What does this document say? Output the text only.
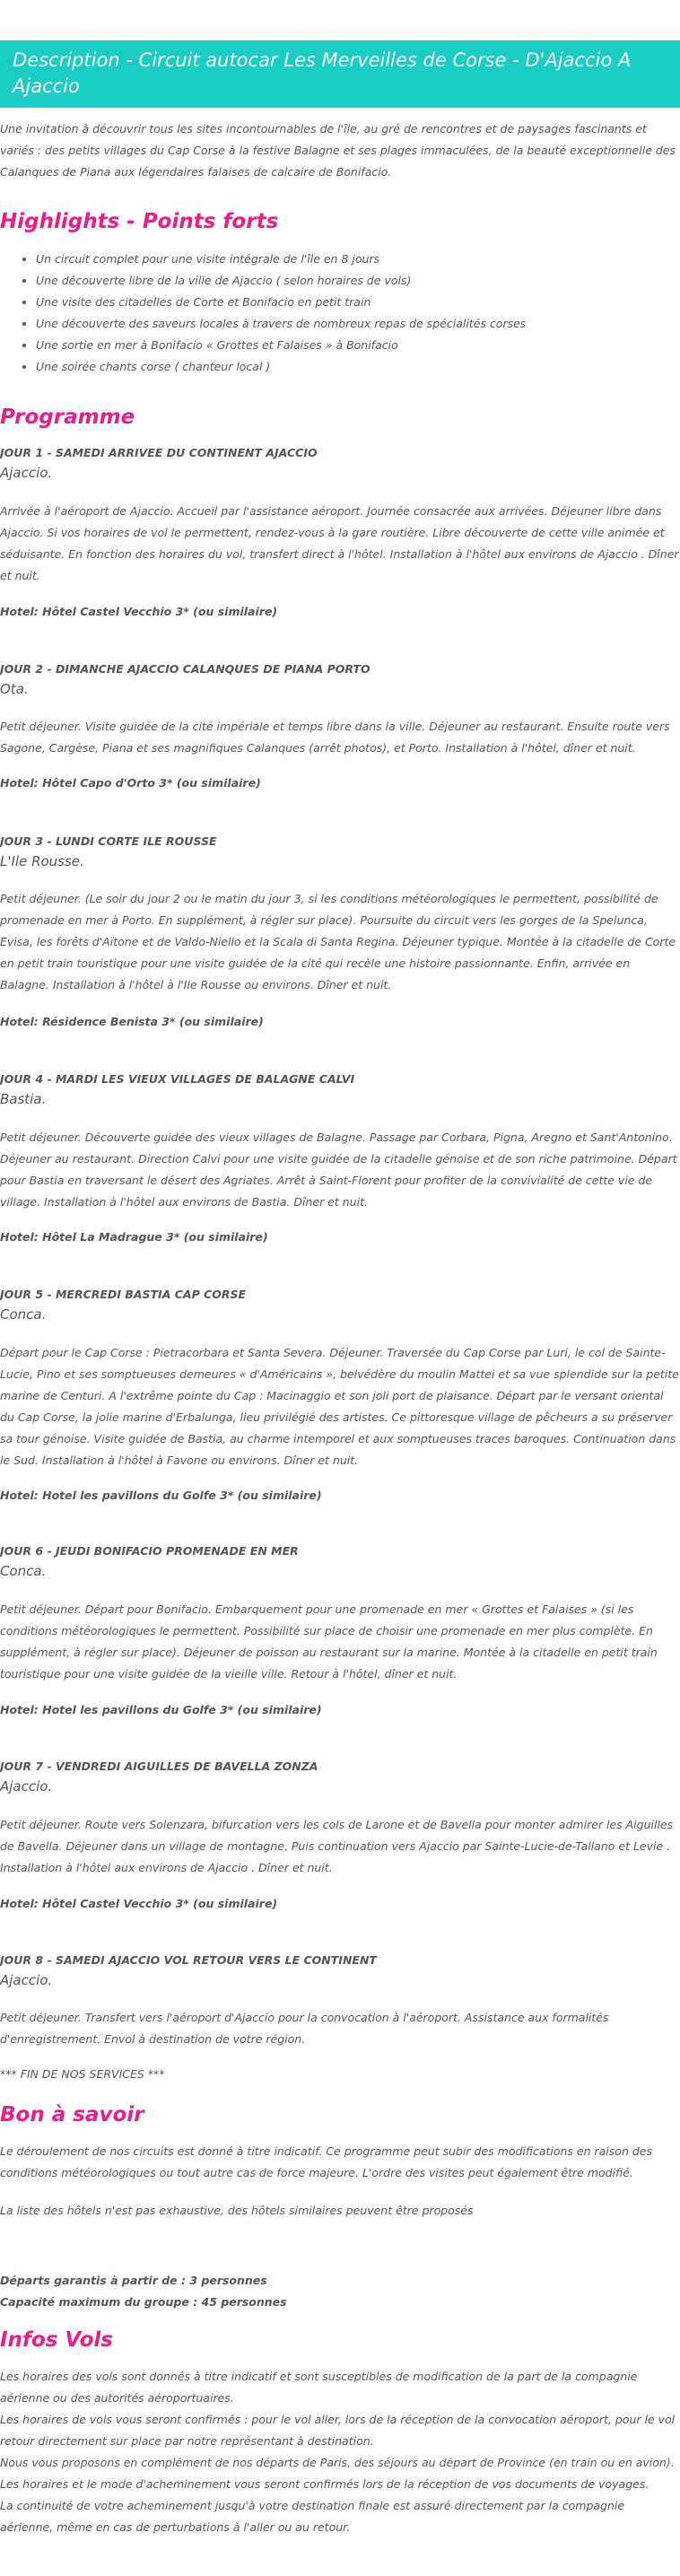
Description - Circuit autocar Les Merveilles de Corse - D'Ajaccio A Ajaccio

Une invitation à découvrir tous les sites incontournables de l'île, au gré de rencontres et de paysages fascinants et variés : des petits villages du Cap Corse à la festive Balagne et ses plages immaculées, de la beauté exceptionnelle des Calanques de Piana aux légendaires falaises de calcaire de Bonifacio.

Highlights - Points forts
• Un circuit complet pour une visite intégrale de l'île en 8 jours
• Une découverte libre de la ville de Ajaccio ( selon horaires de vols)
• Une visite des citadelles de Corte et Bonifacio en petit train
• Une découverte des saveurs locales à travers de nombreux repas de spécialités corses
• Une sortie en mer à Bonifacio « Grottes et Falaises » à Bonifacio
• Une soirée chants corse ( chanteur local )
Programme

JOUR 1 - SAMEDI ARRIVEE DU CONTINENT AJACCIO

Ajaccio.

Arrivée à l'aéroport de Ajaccio. Accueil par l'assistance aéroport. Journée consacrée aux arrivées. Déjeuner libre dans Ajaccio. Si vos horaires de vol le permettent, rendez-vous à la gare routière. Libre découverte de cette ville animée et séduisante. En fonction des horaires du vol, transfert direct à l'hôtel. Installation à l'hôtel aux environs de Ajaccio . Dîner et nuit.

Hotel: Hôtel Castel Vecchio 3* (ou similaire)

JOUR 2 - DIMANCHE AJACCIO CALANQUES DE PIANA PORTO

Ota.

Petit déjeuner. Visite guidée de la cité impériale et temps libre dans la ville. Déjeuner au restaurant. Ensuite route vers Sagone, Cargèse, Piana et ses magnifiques Calanques (arrêt photos), et Porto. Installation à l'hôtel, dîner et nuit.

Hotel: Hôtel Capo d'Orto 3* (ou similaire)

JOUR 3 - LUNDI CORTE ILE ROUSSE

L'Ile Rousse.

Petit déjeuner. (Le soir du jour 2 ou le matin du jour 3, si les conditions météorologiques le permettent, possibilité de promenade en mer à Porto. En supplément, à régler sur place). Poursuite du circuit vers les gorges de la Spelunca, Evisa, les forêts d'Aïtone et de Valdo-Niello et la Scala di Santa Regina. Déjeuner typique. Montée à la citadelle de Corte en petit train touristique pour une visite guidée de la cité qui recèle une histoire passionnante. Enfin, arrivée en Balagne. Installation à l'hôtel à l'Ile Rousse ou environs. Dîner et nuit.

Hotel: Résidence Benista 3* (ou similaire)

JOUR 4 - MARDI LES VIEUX VILLAGES DE BALAGNE CALVI

Bastia.

Petit déjeuner. Découverte guidée des vieux villages de Balagne. Passage par Corbara, Pigna, Aregno et Sant'Antonino. Déjeuner au restaurant. Direction Calvi pour une visite guidée de la citadelle génoise et de son riche patrimoine. Départ pour Bastia en traversant le désert des Agriates. Arrêt à Saint-Florent pour profiter de la convivialité de cette vie de village. Installation à l'hôtel aux environs de Bastia. Dîner et nuit.

Hotel: Hôtel La Madrague 3* (ou similaire)

JOUR 5 - MERCREDI BASTIA CAP CORSE

Conca.

Départ pour le Cap Corse : Pietracorbara et Santa Severa. Déjeuner. Traversée du Cap Corse par Luri, le col de Sainte-Lucie, Pino et ses somptueuses demeures « d'Américains », belvédère du moulin Mattei et sa vue splendide sur la petite marine de Centuri. A l'extrême pointe du Cap : Macinaggio et son joli port de plaisance. Départ par le versant oriental du Cap Corse, la jolie marine d'Erbalunga, lieu privilégié des artistes. Ce pittoresque village de pêcheurs a su préserver sa tour génoise. Visite guidée de Bastia, au charme intemporel et aux somptueuses traces baroques. Continuation dans le Sud. Installation à l'hôtel à Favone ou environs. Dîner et nuit.

Hotel: Hotel les pavillons du Golfe 3* (ou similaire)

JOUR 6 - JEUDI BONIFACIO PROMENADE EN MER

Conca.

Petit déjeuner. Départ pour Bonifacio. Embarquement pour une promenade en mer « Grottes et Falaises » (si les conditions météorologiques le permettent. Possibilité sur place de choisir une promenade en mer plus complète. En supplément, à régler sur place). Déjeuner de poisson au restaurant sur la marine. Montée à la citadelle en petit train touristique pour une visite guidée de la vieille ville. Retour à l'hôtel, dîner et nuit.

Hotel: Hotel les pavillons du Golfe 3* (ou similaire)

JOUR 7 - VENDREDI AIGUILLES DE BAVELLA ZONZA

Ajaccio.

Petit déjeuner. Route vers Solenzara, bifurcation vers les cols de Larone et de Bavella pour monter admirer les Aiguilles de Bavella. Déjeuner dans un village de montagne. Puis continuation vers Ajaccio par Sainte-Lucie-de-Tallano et Levie . Installation à l'hôtel aux environs de Ajaccio . Dîner et nuit.

Hotel: Hôtel Castel Vecchio 3* (ou similaire)

JOUR 8 - SAMEDI AJACCIO VOL RETOUR VERS LE CONTINENT

Ajaccio.

Petit déjeuner. Transfert vers l'aéroport d'Ajaccio pour la convocation à l'aéroport. Assistance aux formalités d'enregistrement. Envol à destination de votre région.

*** FIN DE NOS SERVICES ***

Bon à savoir

Le déroulement de nos circuits est donné à titre indicatif. Ce programme peut subir des modifications en raison des conditions météorologiques ou tout autre cas de force majeure. L'ordre des visites peut également être modifié.

La liste des hôtels n'est pas exhaustive, des hôtels similaires peuvent être proposés

Départs garantis à partir de : 3 personnes

Capacité maximum du groupe : 45 personnes

Infos Vols

Les horaires des vols sont donnés à titre indicatif et sont susceptibles de modification de la part de la compagnie aérienne ou des autorités aéroportuaires.

Les horaires de vols vous seront confirmés : pour le vol aller, lors de la réception de la convocation aéroport, pour le vol retour directement sur place par notre représentant à destination.

Nous vous proposons en complément de nos départs de Paris, des séjours au départ de Province (en train ou en avion).

Les horaires et le mode d'acheminement vous seront confirmés lors de la réception de vos documents de voyages.

La continuité de votre acheminement jusqu'à votre destination finale est assuré directement par la compagnie aérienne, même en cas de perturbations à l'aller ou au retour.
